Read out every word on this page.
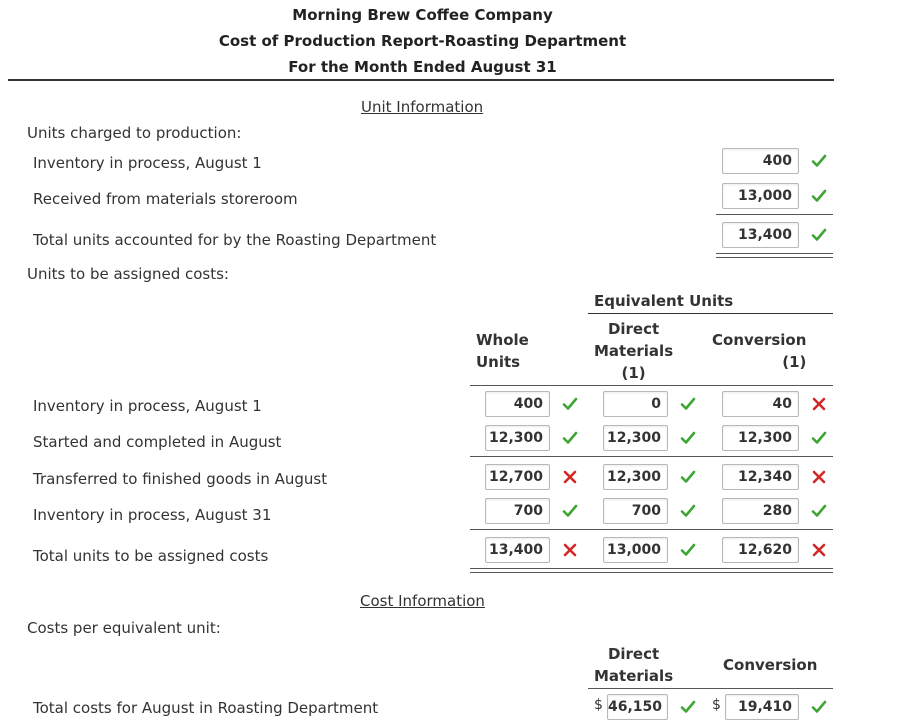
Morning Brew Coffee Company
Cost of Production Report-Roasting Department
For the Month Ended August 31
Unit Information
Units charged to production:
Inventory in process, August 1	400
Received from materials storeroom	13,000
Total units accounted for by the Roasting Department	13,400
Units to be assigned costs:
Equivalent Units
Whole
Units
Direct
Materials
(1)
Conversion
(1)
Inventory in process, August 1	400	0	40
Started and completed in August	12,300	12,300	12,300
Transferred to finished goods in August	12,700	12,300	12,340
Inventory in process, August 31	700	700	280
Total units to be assigned costs	13,400	13,000	12,620
Cost Information
Costs per equivalent unit:
Direct
Materials
Conversion
Total costs for August in Roasting Department	$ 46,150	$	19,410
